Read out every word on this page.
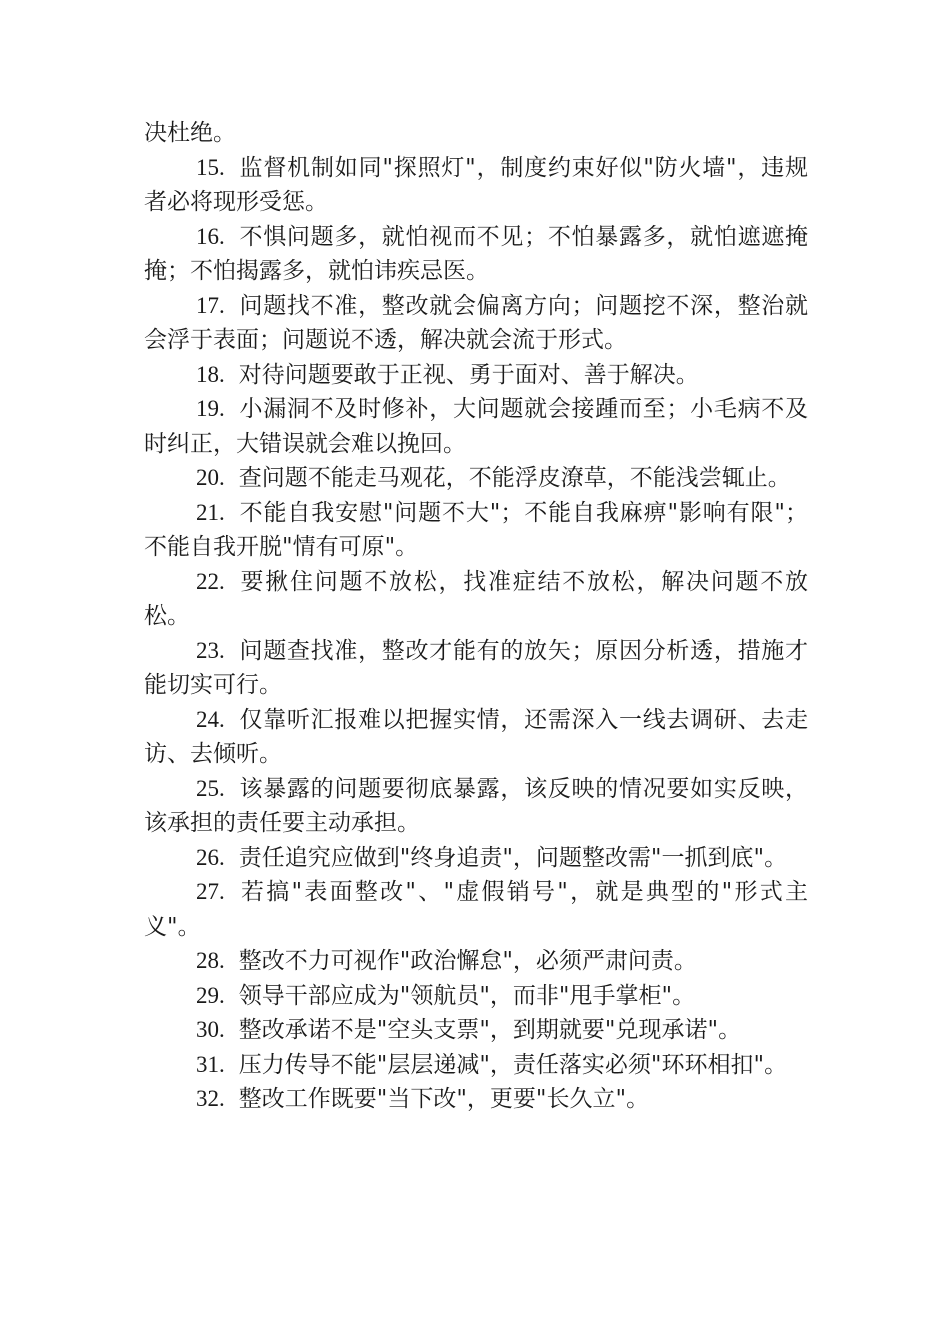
决杜绝。

15. 监督机制如同"探照灯"，制度约束好似"防火墙"，违规者必将现形受惩。

16. 不惧问题多，就怕视而不见；不怕暴露多，就怕遮遮掩掩；不怕揭露多，就怕讳疾忌医。

17. 问题找不准，整改就会偏离方向；问题挖不深，整治就会浮于表面；问题说不透，解决就会流于形式。

18. 对待问题要敢于正视、勇于面对、善于解决。

19. 小漏洞不及时修补，大问题就会接踵而至；小毛病不及时纠正，大错误就会难以挽回。

20. 查问题不能走马观花，不能浮皮潦草，不能浅尝辄止。

21. 不能自我安慰"问题不大"；不能自我麻痹"影响有限"；不能自我开脱"情有可原"。

22. 要揪住问题不放松，找准症结不放松，解决问题不放松。

23. 问题查找准，整改才能有的放矢；原因分析透，措施才能切实可行。

24. 仅靠听汇报难以把握实情，还需深入一线去调研、去走访、去倾听。

25. 该暴露的问题要彻底暴露，该反映的情况要如实反映，该承担的责任要主动承担。

26. 责任追究应做到"终身追责"，问题整改需"一抓到底"。

27. 若搞"表面整改"、"虚假销号"，就是典型的"形式主义"。

28. 整改不力可视作"政治懈怠"，必须严肃问责。

29. 领导干部应成为"领航员"，而非"甩手掌柜"。

30. 整改承诺不是"空头支票"，到期就要"兑现承诺"。

31. 压力传导不能"层层递减"，责任落实必须"环环相扣"。

32. 整改工作既要"当下改"，更要"长久立"。
